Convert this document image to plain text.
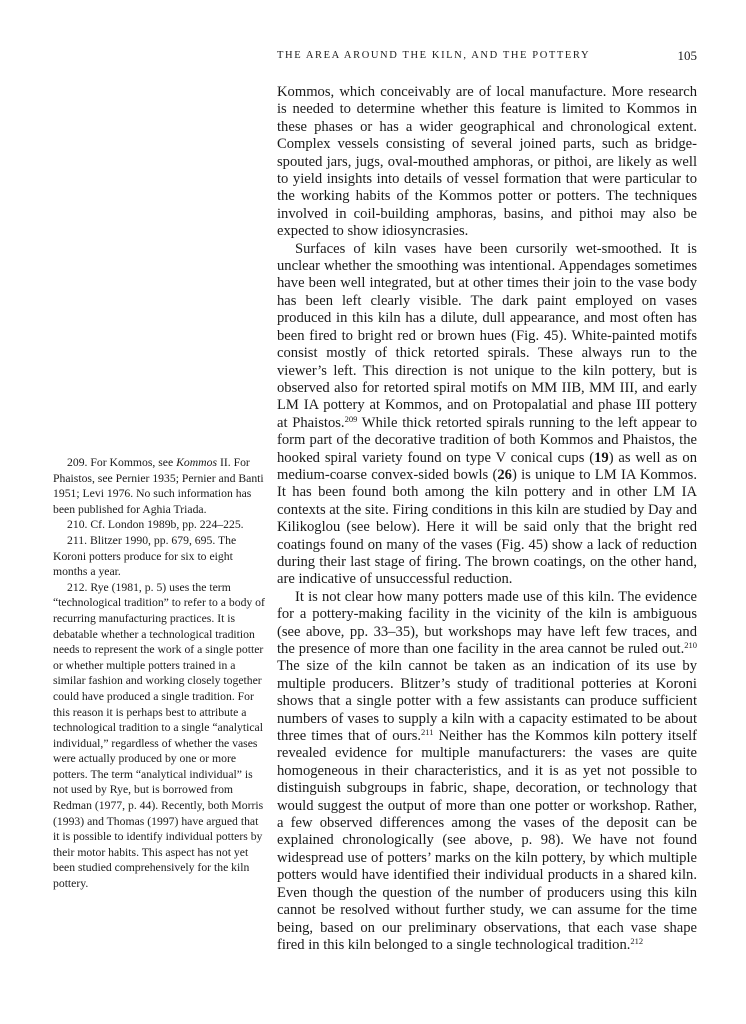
THE AREA AROUND THE KILN, AND THE POTTERY	105

209. For Kommos, see Kommos II. For Phaistos, see Pernier 1935; Pernier and Banti 1951; Levi 1976. No such information has been published for Aghia Triada.

210. Cf. London 1989b, pp. 224–225.

211. Blitzer 1990, pp. 679, 695. The Koroni potters produce for six to eight months a year.

212. Rye (1981, p. 5) uses the term “technological tradition” to refer to a body of recurring manufacturing practices. It is debatable whether a technological tradition needs to represent the work of a single potter or whether multiple potters trained in a similar fashion and working closely together could have produced a single tradition. For this reason it is perhaps best to attribute a technological tradition to a single “analytical individual,” regardless of whether the vases were actually produced by one or more potters. The term “analytical individual” is not used by Rye, but is borrowed from Redman (1977, p. 44). Recently, both Morris (1993) and Thomas (1997) have argued that it is possible to identify individual potters by their motor habits. This aspect has not yet been studied comprehensively for the kiln pottery.

Kommos, which conceivably are of local manufacture. More research is needed to determine whether this feature is limited to Kommos in these phases or has a wider geographical and chronological extent. Complex vessels consisting of several joined parts, such as bridge-spouted jars, jugs, oval-mouthed amphoras, or pithoi, are likely as well to yield insights into details of vessel formation that were particular to the working habits of the Kommos potter or potters. The techniques involved in coil-building amphoras, basins, and pithoi may also be expected to show idiosyncrasies.

Surfaces of kiln vases have been cursorily wet-smoothed. It is unclear whether the smoothing was intentional. Appendages sometimes have been well integrated, but at other times their join to the vase body has been left clearly visible. The dark paint employed on vases produced in this kiln has a dilute, dull appearance, and most often has been fired to bright red or brown hues (Fig. 45). White-painted motifs consist mostly of thick retorted spirals. These always run to the viewer’s left. This direction is not unique to the kiln pottery, but is observed also for retorted spiral motifs on MM IIB, MM III, and early LM IA pottery at Kommos, and on Protopalatial and phase III pottery at Phaistos.$^{209}$ While thick retorted spirals running to the left appear to form part of the decorative tradition of both Kommos and Phaistos, the hooked spiral variety found on type V conical cups (19) as well as on medium-coarse convex-sided bowls (26) is unique to LM IA Kommos. It has been found both among the kiln pottery and in other LM IA contexts at the site. Firing conditions in this kiln are studied by Day and Kilikoglou (see below). Here it will be said only that the bright red coatings found on many of the vases (Fig. 45) show a lack of reduction during their last stage of firing. The brown coatings, on the other hand, are indicative of unsuccessful reduction.

It is not clear how many potters made use of this kiln. The evidence for a pottery-making facility in the vicinity of the kiln is ambiguous (see above, pp. 33–35), but workshops may have left few traces, and the presence of more than one facility in the area cannot be ruled out.$^{210}$ The size of the kiln cannot be taken as an indication of its use by multiple producers. Blitzer’s study of traditional potteries at Koroni shows that a single potter with a few assistants can produce sufficient numbers of vases to supply a kiln with a capacity estimated to be about three times that of ours.$^{211}$ Neither has the Kommos kiln pottery itself revealed evidence for multiple manufacturers: the vases are quite homogeneous in their characteristics, and it is as yet not possible to distinguish subgroups in fabric, shape, decoration, or technology that would suggest the output of more than one potter or workshop. Rather, a few observed differences among the vases of the deposit can be explained chronologically (see above, p. 98). We have not found widespread use of potters’ marks on the kiln pottery, by which multiple potters would have identified their individual products in a shared kiln. Even though the question of the number of producers using this kiln cannot be resolved without further study, we can assume for the time being, based on our preliminary observations, that each vase shape fired in this kiln belonged to a single technological tradition.$^{212}$
